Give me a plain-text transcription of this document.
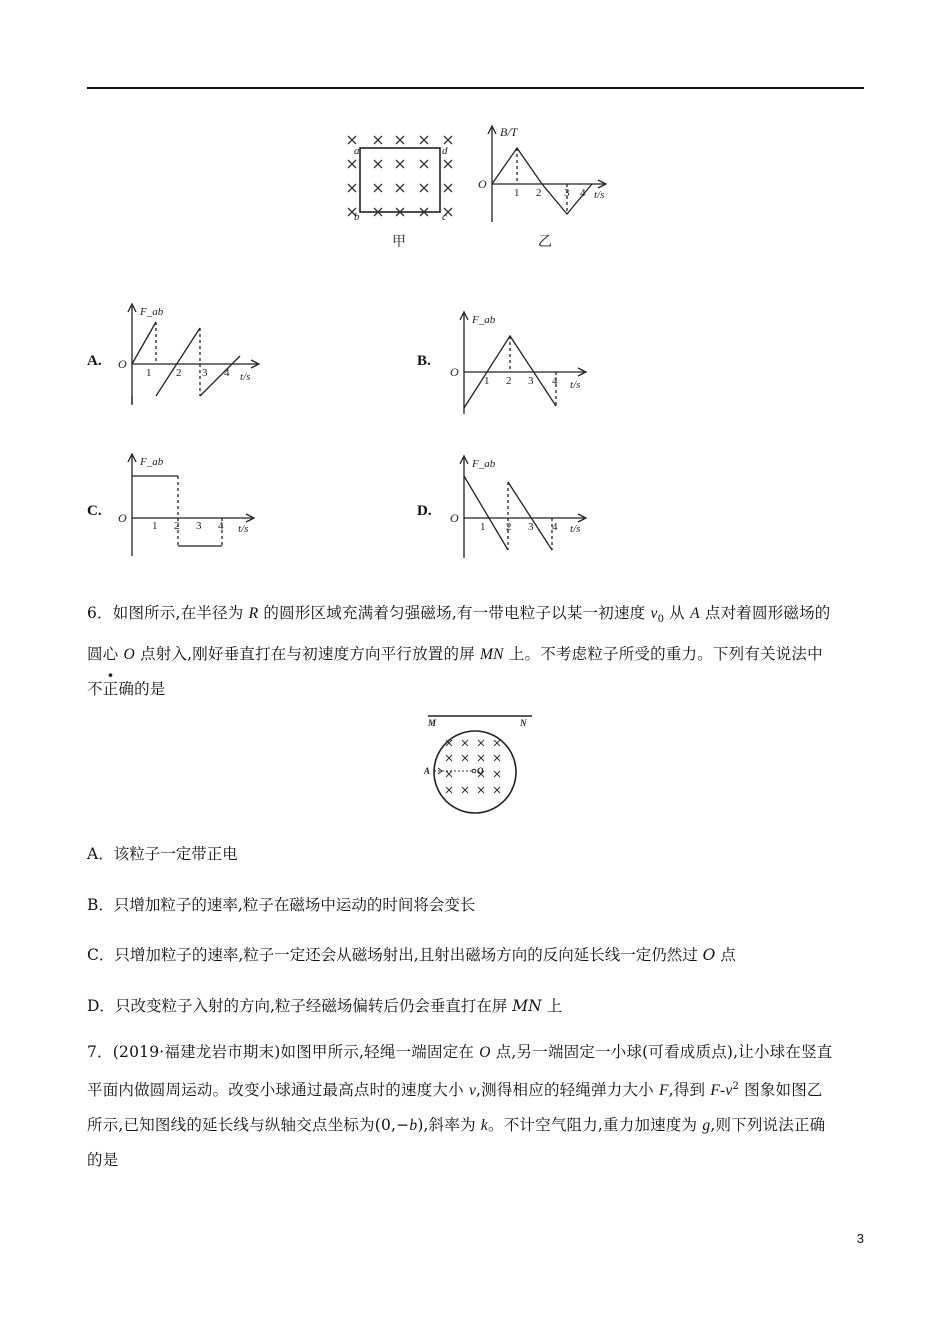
a	d
b	c
甲
B/T
O
t/s
1 2 3 4
乙
A.
F_ab
O
t/s
1 2 3 4
B.
F_ab
O
t/s
1 2 3 4
C.
F_ab
O
t/s
1 2 3 4
D.
F_ab
O
t/s
1 2 3 4
6．如图所示,在半径为 R 的圆形区域充满着匀强磁场,有一带电粒子以某一初速度 $v_0$ 从 A 点对着圆形磁场的
圆心 O 点射入,刚好垂直打在与初速度方向平行放置的屏 MN 上。不考虑粒子所受的重力。下列有关说法中
不正确的是
M	N
A	O
A．该粒子一定带正电
B．只增加粒子的速率,粒子在磁场中运动的时间将会变长
C．只增加粒子的速率,粒子一定还会从磁场射出,且射出磁场方向的反向延长线一定仍然过 O 点
D．只改变粒子入射的方向,粒子经磁场偏转后仍会垂直打在屏 MN 上
7．(2019·福建龙岩市期末)如图甲所示,轻绳一端固定在 O 点,另一端固定一小球(可看成质点),让小球在竖直
平面内做圆周运动。改变小球通过最高点时的速度大小 v,测得相应的轻绳弹力大小 F,得到 $F-v^2$ 图象如图乙
所示,已知图线的延长线与纵轴交点坐标为(0,−b),斜率为 k。不计空气阻力,重力加速度为 g,则下列说法正确
的是
3
